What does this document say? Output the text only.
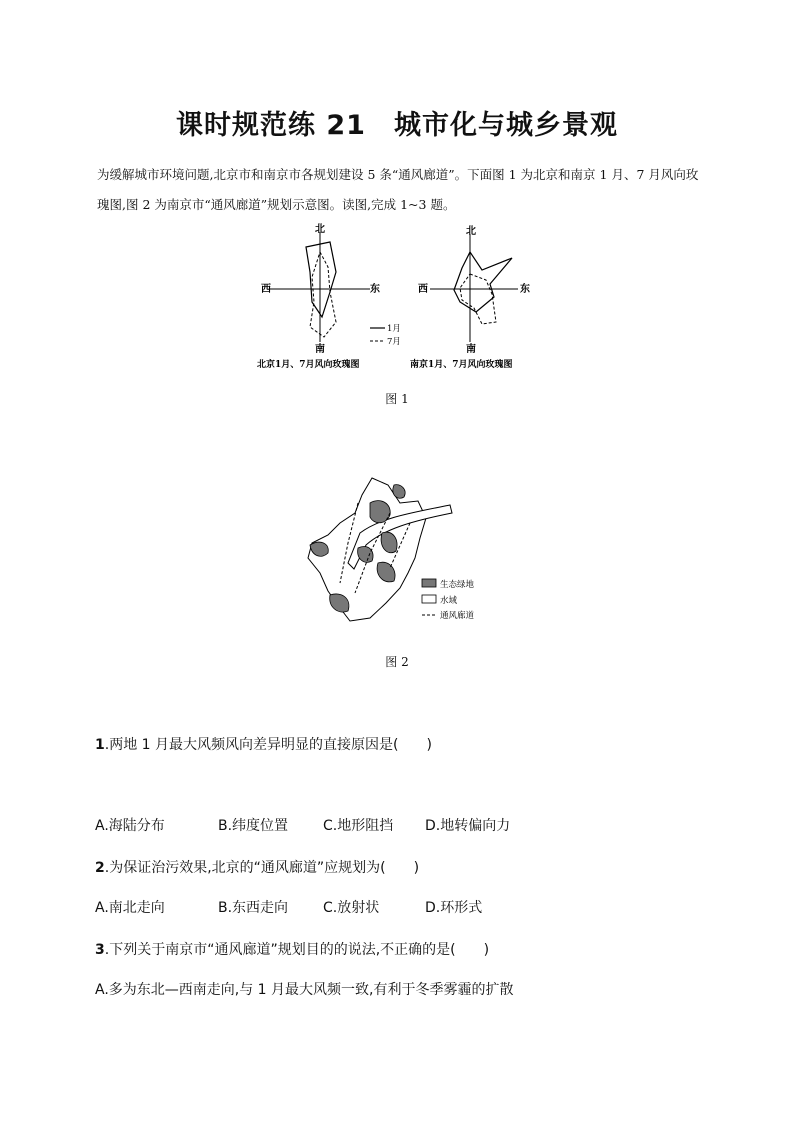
课时规范练 21　城市化与城乡景观

为缓解城市环境问题,北京市和南京市各规划建设 5 条“通风廊道”。下面图 1 为北京和南京 1 月、7 月风向玫瑰图,图 2 为南京市“通风廊道”规划示意图。读图,完成 1~3 题。

北
南
西	东
1月
7月
北京1月、7月风向玫瑰图
北
南
西	东
南京1月、7月风向玫瑰图
图 1
生态绿地
水域
通风廊道
图 2

1.两地 1 月最大风频风向差异明显的直接原因是(　　)

A.海陆分布	B.纬度位置 C.地形阻挡 D.地转偏向力

2.为保证治污效果,北京的“通风廊道”应规划为(　　)

A.南北走向	B.东西走向 C.放射状	D.环形式

3.下列关于南京市“通风廊道”规划目的的说法,不正确的是(　　)

A.多为东北—西南走向,与 1 月最大风频一致,有利于冬季雾霾的扩散
